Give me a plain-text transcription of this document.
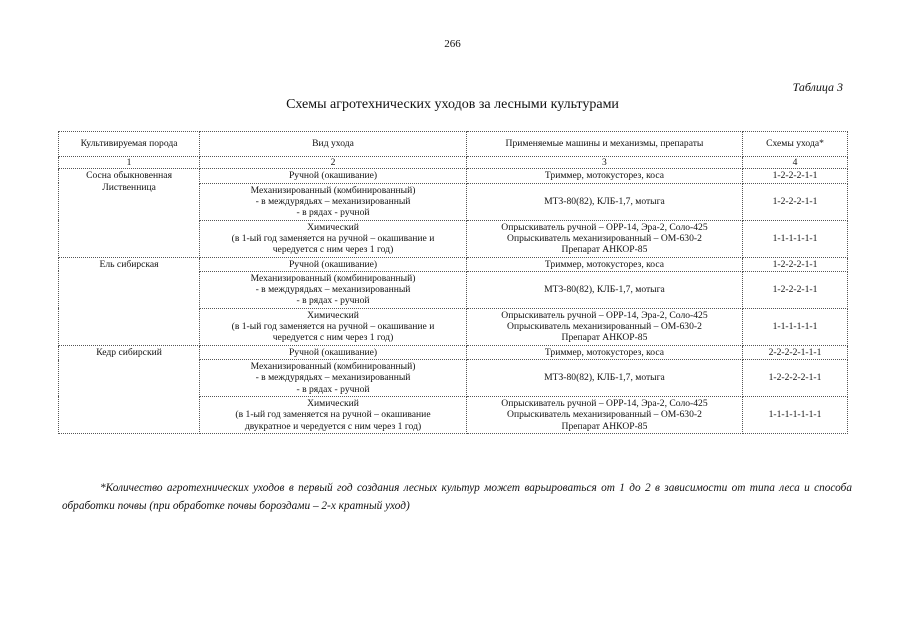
266
Таблица 3
Схемы агротехнических уходов за лесными культурами
Культивируемая порода	Вид ухода	Применяемые машины и механизмы, препараты	Схемы ухода*
1	2	3	4

Сосна обыкновенная
Лиственница	Ручной (окашивание)	Триммер, мотокусторез, коса	1-2-2-2-1-1

	Механизированный (комбинированный)
- в междурядьях – механизированный
- в рядах - ручной	МТЗ-80(82), КЛБ-1,7, мотыга	1-2-2-2-1-1

	Химический
(в 1-ый год заменяется на ручной – окашивание и
чередуется с ним через 1 год)	Опрыскиватель ручной – ОРР-14, Эра-2, Соло-425
Опрыскиватель механизированный – ОМ-630-2
Препарат АНКОР-85	1-1-1-1-1-1

Ель сибирская	Ручной (окашивание)	Триммер, мотокусторез, коса	1-2-2-2-1-1

	Механизированный (комбинированный)
- в междурядьях – механизированный
- в рядах - ручной	МТЗ-80(82), КЛБ-1,7, мотыга	1-2-2-2-1-1

	Химический
(в 1-ый год заменяется на ручной – окашивание и
чередуется с ним через 1 год)	Опрыскиватель ручной – ОРР-14, Эра-2, Соло-425
Опрыскиватель механизированный – ОМ-630-2
Препарат АНКОР-85	1-1-1-1-1-1

Кедр сибирский	Ручной (окашивание)	Триммер, мотокусторез, коса	2-2-2-2-1-1-1

	Механизированный (комбинированный)
- в междурядьях – механизированный
- в рядах - ручной	МТЗ-80(82), КЛБ-1,7, мотыга	1-2-2-2-2-1-1

	Химический
(в 1-ый год заменяется на ручной – окашивание
двукратное и чередуется с ним через 1 год)	Опрыскиватель ручной – ОРР-14, Эра-2, Соло-425
Опрыскиватель механизированный – ОМ-630-2
Препарат АНКОР-85	1-1-1-1-1-1-1
*Количество агротехнических уходов в первый год создания лесных культур может варьироваться от 1 до 2 в зависимости от типа леса и способа обработки почвы (при обработке почвы бороздами – 2-х кратный уход)
